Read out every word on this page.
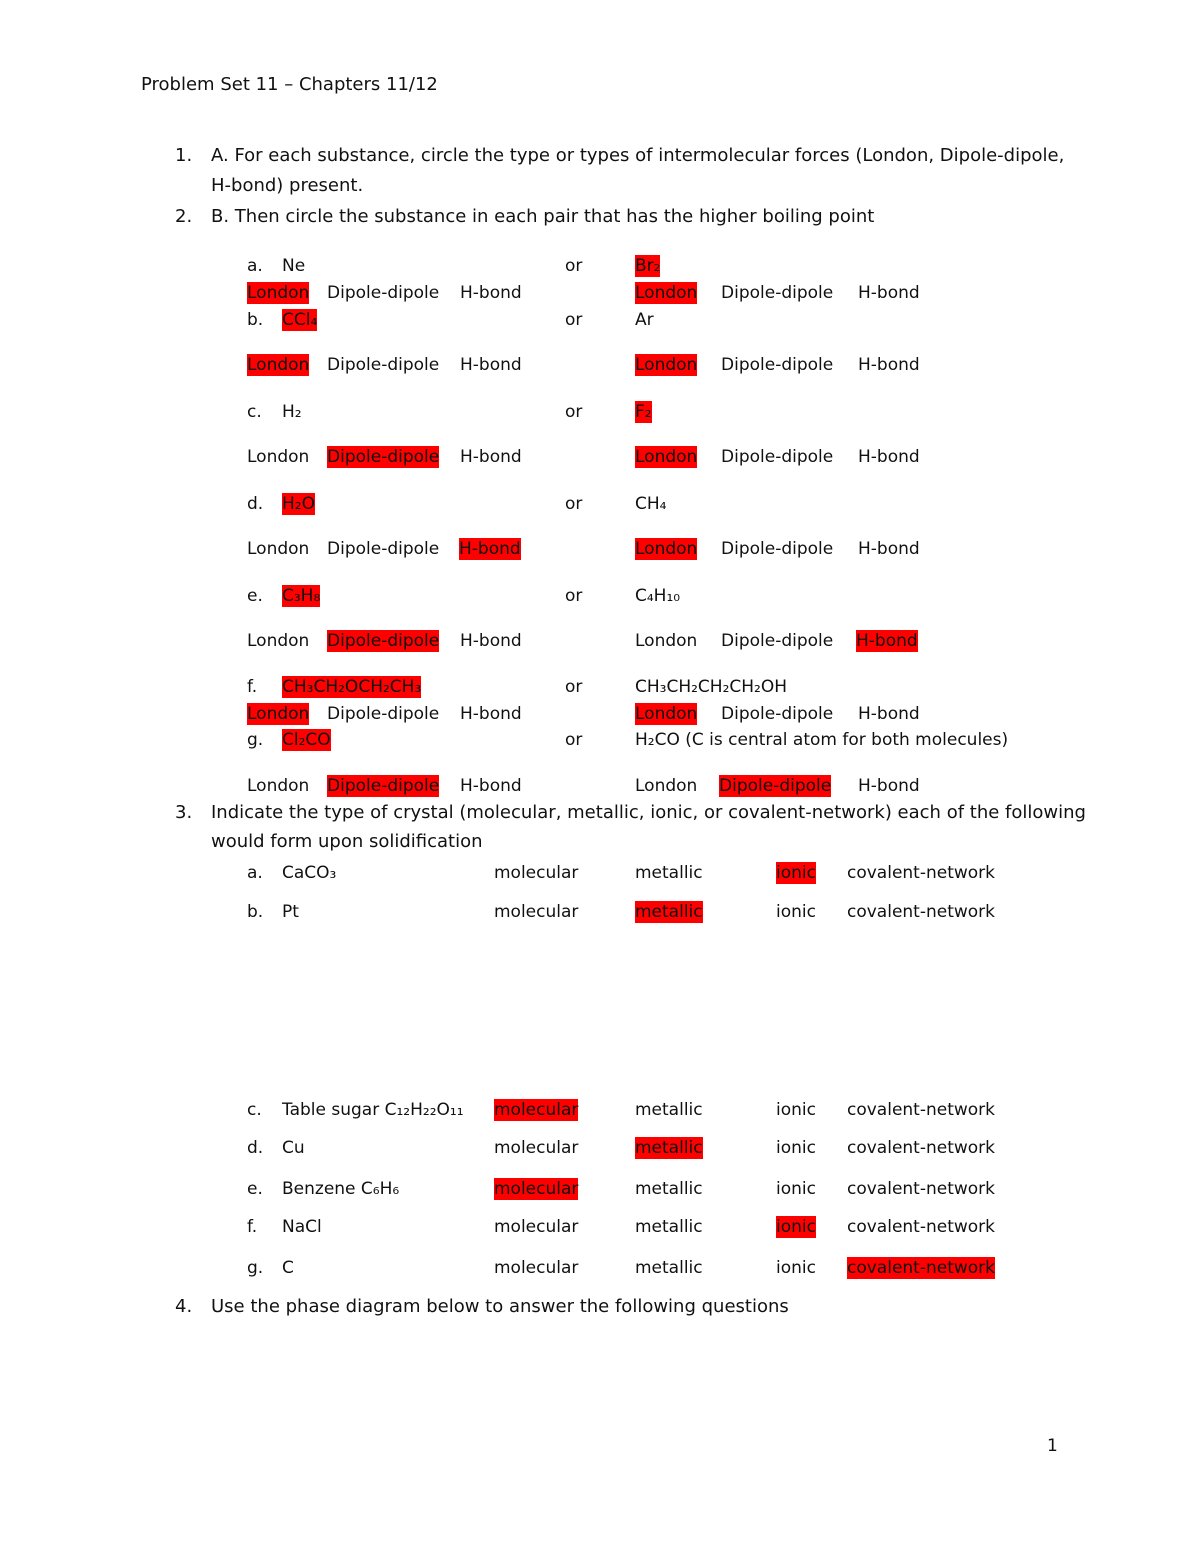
Problem Set 11 – Chapters 11/12
1. A. For each substance, circle the type or types of intermolecular forces (London, Dipole-dipole,
H-bond) present.
2. B. Then circle the substance in each pair that has the higher boiling point
a. Ne	or	Br₂
London Dipole-dipole H-bond	London Dipole-dipole H-bond
b. CCl₄	or	Ar
London Dipole-dipole H-bond	London Dipole-dipole H-bond
c. H₂	or	F₂
London Dipole-dipole H-bond	London Dipole-dipole H-bond
d. H₂O	or	CH₄
London Dipole-dipole H-bond	London Dipole-dipole H-bond
e. C₃H₈	or	C₄H₁₀
London Dipole-dipole H-bond	London Dipole-dipole H-bond
f. CH₃CH₂OCH₂CH₃	or	CH₃CH₂CH₂CH₂OH
London Dipole-dipole H-bond	London Dipole-dipole H-bond
g. Cl₂CO	or	H₂CO (C is central atom for both molecules)
London Dipole-dipole H-bond	London Dipole-dipole H-bond
3. Indicate the type of crystal (molecular, metallic, ionic, or covalent-network) each of the following
would form upon solidification
a. CaCO₃	molecular	metallic	ionic covalent-network
b. Pt	molecular	metallic	ionic covalent-network
c. Table sugar C₁₂H₂₂O₁₁ molecular	metallic	ionic covalent-network
d. Cu	molecular	metallic	ionic covalent-network
e. Benzene C₆H₆	molecular	metallic	ionic covalent-network
f. NaCl	molecular	metallic	ionic covalent-network
g. C	molecular	metallic	ionic covalent-network
4. Use the phase diagram below to answer the following questions
1
